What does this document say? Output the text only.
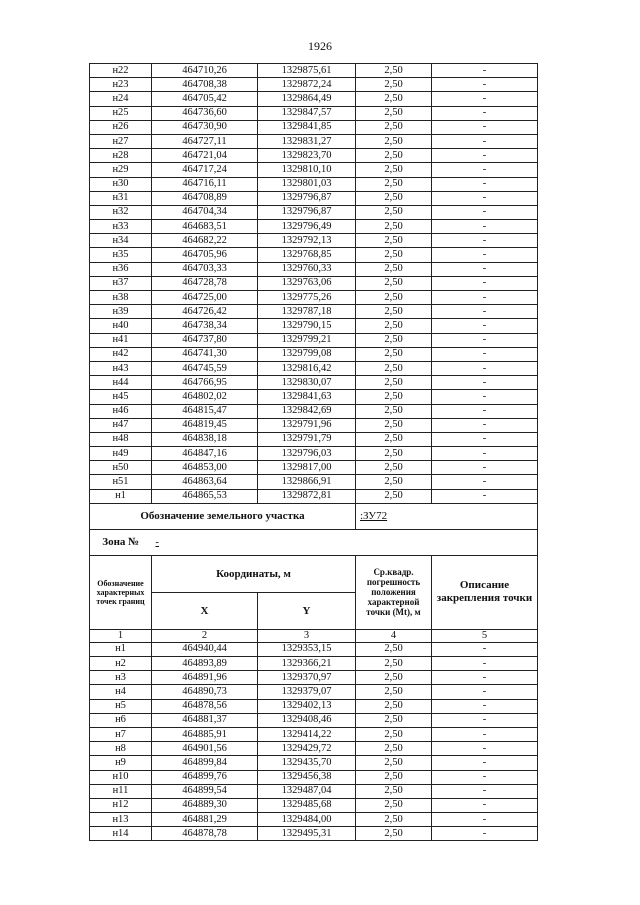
1926
н22	464710,26	1329875,61	2,50	-
н23	464708,38	1329872,24	2,50	-
н24	464705,42	1329864,49	2,50	-
н25	464736,60	1329847,57	2,50	-
н26	464730,90	1329841,85	2,50	-
н27	464727,11	1329831,27	2,50	-
н28	464721,04	1329823,70	2,50	-
н29	464717,24	1329810,10	2,50	-
н30	464716,11	1329801,03	2,50	-
н31	464708,89	1329796,87	2,50	-
н32	464704,34	1329796,87	2,50	-
н33	464683,51	1329796,49	2,50	-
н34	464682,22	1329792,13	2,50	-
н35	464705,96	1329768,85	2,50	-
н36	464703,33	1329760,33	2,50	-
н37	464728,78	1329763,06	2,50	-
н38	464725,00	1329775,26	2,50	-
н39	464726,42	1329787,18	2,50	-
н40	464738,34	1329790,15	2,50	-
н41	464737,80	1329799,21	2,50	-
н42	464741,30	1329799,08	2,50	-
н43	464745,59	1329816,42	2,50	-
н44	464766,95	1329830,07	2,50	-
н45	464802,02	1329841,63	2,50	-
н46	464815,47	1329842,69	2,50	-
н47	464819,45	1329791,96	2,50	-
н48	464838,18	1329791,79	2,50	-
н49	464847,16	1329796,03	2,50	-
н50	464853,00	1329817,00	2,50	-
н51	464863,64	1329866,91	2,50	-
н1	464865,53	1329872,81	2,50	-
Обозначение земельного участка			:ЗУ72	
Зона №	-			
Обозначение характерных точек границ	Координаты, м		Ср.квадр. погрешность положения характерной точки (Mt), м	Описание закрепления точки
	X	Y		
1	2	3	4	5
н1	464940,44	1329353,15	2,50	-
н2	464893,89	1329366,21	2,50	-
н3	464891,96	1329370,97	2,50	-
н4	464890,73	1329379,07	2,50	-
н5	464878,56	1329402,13	2,50	-
н6	464881,37	1329408,46	2,50	-
н7	464885,91	1329414,22	2,50	-
н8	464901,56	1329429,72	2,50	-
н9	464899,84	1329435,70	2,50	-
н10	464899,76	1329456,38	2,50	-
н11	464899,54	1329487,04	2,50	-
н12	464889,30	1329485,68	2,50	-
н13	464881,29	1329484,00	2,50	-
н14	464878,78	1329495,31	2,50	-
